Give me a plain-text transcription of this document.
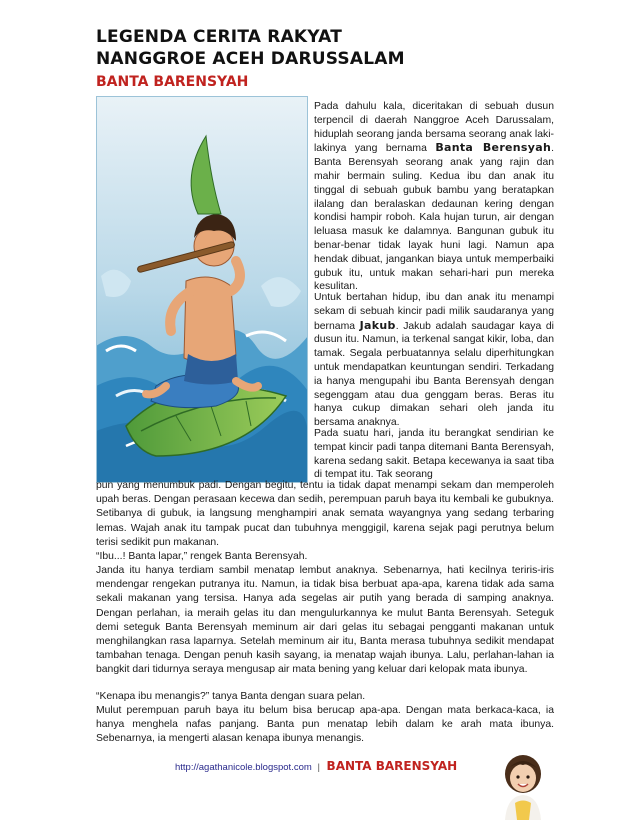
LEGENDA CERITA RAKYAT
NANGGROE ACEH DARUSSALAM
BANTA BARENSYAH
Pada dahulu kala, diceritakan di sebuah dusun terpencil di daerah Nanggroe Aceh Darussalam, hiduplah seorang janda bersama seorang anak laki-lakinya yang bernama Banta Berensyah. Banta Berensyah seorang anak yang rajin dan mahir bermain suling. Kedua ibu dan anak itu tinggal di sebuah gubuk bambu yang beratapkan ilalang dan beralaskan dedaunan kering dengan kondisi hampir roboh. Kala hujan turun, air dengan leluasa masuk ke dalamnya. Bangunan gubuk itu benar-benar tidak layak huni lagi. Namun apa hendak dibuat, jangankan biaya untuk memperbaiki gubuk itu, untuk makan sehari-hari pun mereka kesulitan.
Untuk bertahan hidup, ibu dan anak itu menampi sekam di sebuah kincir padi milik saudaranya yang bernama Jakub. Jakub adalah saudagar kaya di dusun itu. Namun, ia terkenal sangat kikir, loba, dan tamak. Segala perbuatannya selalu diperhitungkan untuk mendapatkan keuntungan sendiri. Terkadang ia hanya mengupahi ibu Banta Berensyah dengan segenggam atau dua genggam beras. Beras itu hanya cukup dimakan sehari oleh janda itu bersama anaknya.
Pada suatu hari, janda itu berangkat sendirian ke tempat kincir padi tanpa ditemani Banta Berensyah, karena sedang sakit. Betapa kecewanya ia saat tiba di tempat itu. Tak seorang
pun yang menumbuk padi. Dengan begitu, tentu ia tidak dapat menampi sekam dan memperoleh upah beras. Dengan perasaan kecewa dan sedih, perempuan paruh baya itu kembali ke gubuknya. Setibanya di gubuk, ia langsung menghampiri anak semata wayangnya yang sedang terbaring lemas. Wajah anak itu tampak pucat dan tubuhnya menggigil, karena sejak pagi perutnya belum terisi sedikit pun makanan.
“Ibu...! Banta lapar,” rengek Banta Berensyah.
Janda itu hanya terdiam sambil menatap lembut anaknya. Sebenarnya, hati kecilnya teriris-iris mendengar rengekan putranya itu. Namun, ia tidak bisa berbuat apa-apa, karena tidak ada sama sekali makanan yang tersisa. Hanya ada segelas air putih yang berada di samping anaknya. Dengan perlahan, ia meraih gelas itu dan mengulurkannya ke mulut Banta Berensyah. Seteguk demi seteguk Banta Berensyah meminum air dari gelas itu sebagai pengganti makanan untuk menghilangkan rasa laparnya. Setelah meminum air itu, Banta merasa tubuhnya sedikit mendapat tambahan tenaga. Dengan penuh kasih sayang, ia menatap wajah ibunya. Lalu, perlahan-lahan ia bangkit dari tidurnya seraya mengusap air mata bening yang keluar dari kelopak mata ibunya.
“Kenapa ibu menangis?” tanya Banta dengan suara pelan.
Mulut perempuan paruh baya itu belum bisa berucap apa-apa. Dengan mata berkaca-kaca, ia hanya menghela nafas panjang. Banta pun menatap lebih dalam ke arah mata ibunya. Sebenarnya, ia mengerti alasan kenapa ibunya menangis.
http://agathanicole.blogspot.com | BANTA BARENSYAH
